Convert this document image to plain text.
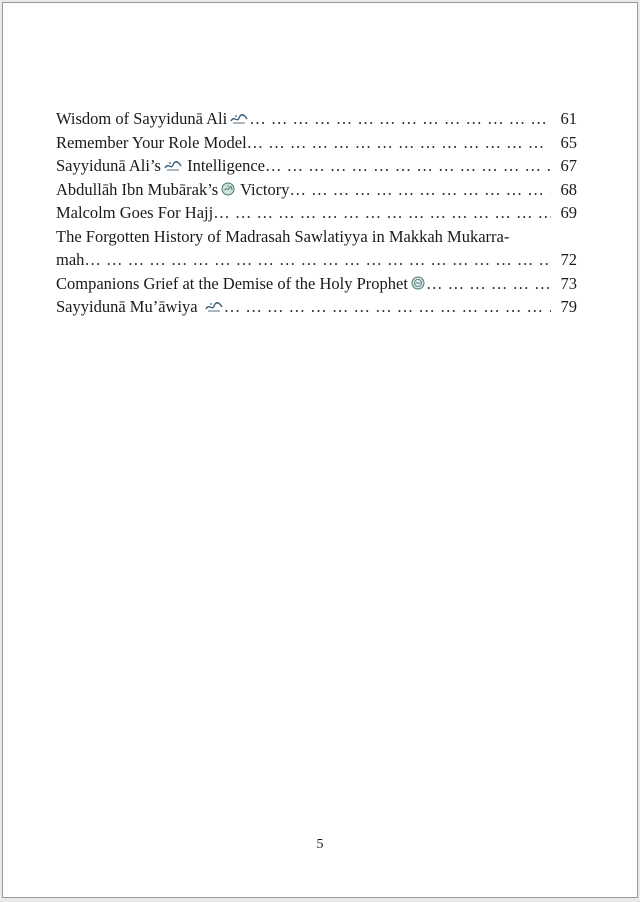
Wisdom of Sayyidunā Ali … … … … … … … … … … … … … … … … … … … … … … … … … … … … … … … … … … … … …	61
Remember Your Role Model … … … … … … … … … … … … … … … … … … … … … … … … … … … … … … … … … … … … …	65
Sayyidunā Ali’s Intelligence … … … … … … … … … … … … … … … … … … … … … … … … … … … … … … … … … … … … …	67
Abdullāh Ibn Mubārak’s Victory … … … … … … … … … … … … … … … … … … … … … … … … … … … … … … … … … … … … …	68
Malcolm Goes For Hajj … … … … … … … … … … … … … … … … … … … … … … … … … … … … … … … … … … … … …	69
The Forgotten History of Madrasah Sawlatiyya in Makkah Mukarra-
mah … … … … … … … … … … … … … … … … … … … … … … … … … … … … … … … … … … … … …	72
Companions Grief at the Demise of the Holy Prophet … … … … … … … … … … … … … … … … … … … … … … … … … … … … … … … … … … … … …	73
Sayyidunā Mu’āwiya … … … … … … … … … … … … … … … … … … … … … … … … … … … … … … … … … … … … …	79
5
